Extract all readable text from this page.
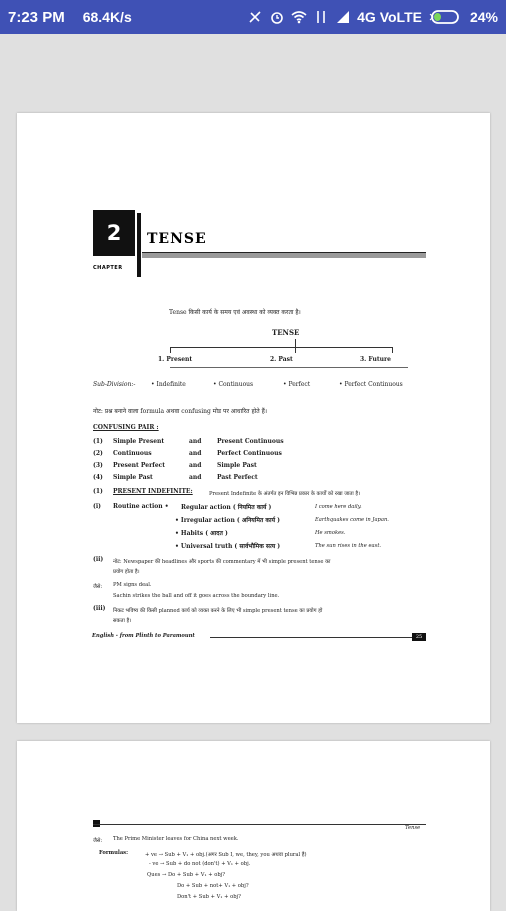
7:23 PM 68.4K/s	4G VoLTE	24%
2
CHAPTER
TENSE
Tense किसी कार्य के समय एवं अवस्था को व्यक्त करता है।
TENSE
1. Present	2. Past	3. Future
Sub-Division:-	• Indefinite	• Continuous	• Perfect	• Perfect Continuous
नोट: प्रश्न बनाने वाला formula अथवा confusing मोड पर आधारित होते हैं।
CONFUSING PAIR :
(1) Simple Present	and	Present Continuous
(2) Continuous	and	Perfect Continuous
(3) Present Perfect	and	Simple Past
(4) Simple Past	and	Past Perfect
(1) PRESENT INDEFINITE:	Present Indefinite के अंतर्गत इन विभिन्न प्रकार के कार्यों को रखा जाता है।
(i) Routine action • Regular action ( नियमित कार्य )	I come here daily.
• Irregular action ( अनियमित कार्य )	Earthquakes come in Japan.
• Habits ( आदत )	He smokes.
• Universal truth ( सार्वभौमिक सत्य )	The sun rises in the east.
(ii) नोट: Newspaper की headlines और sports की commentary में भी simple present tense का
प्रयोग होता है।
जैसे: PM signs deal.
Sachin strikes the ball and off it goes across the boundary line.
(iii) निकट भविष्य की किसी planned कार्य को व्यक्त करने के लिए भी simple present tense का प्रयोग हो
सकता है।
English - from Plinth to Paramount	25
Tense
जैसे: The Prime Minister leaves for China next week.
Formulas:	+ ve → Sub + V₁ + obj.(अगर Sub I, we, they, you अथवा plural है)
- ve → Sub + do not (don't) + V₁ + obj.
Ques → Do + Sub + V₁ + obj?
Do + Sub + not+ V₁ + obj?
Don't + Sub + V₁ + obj?
